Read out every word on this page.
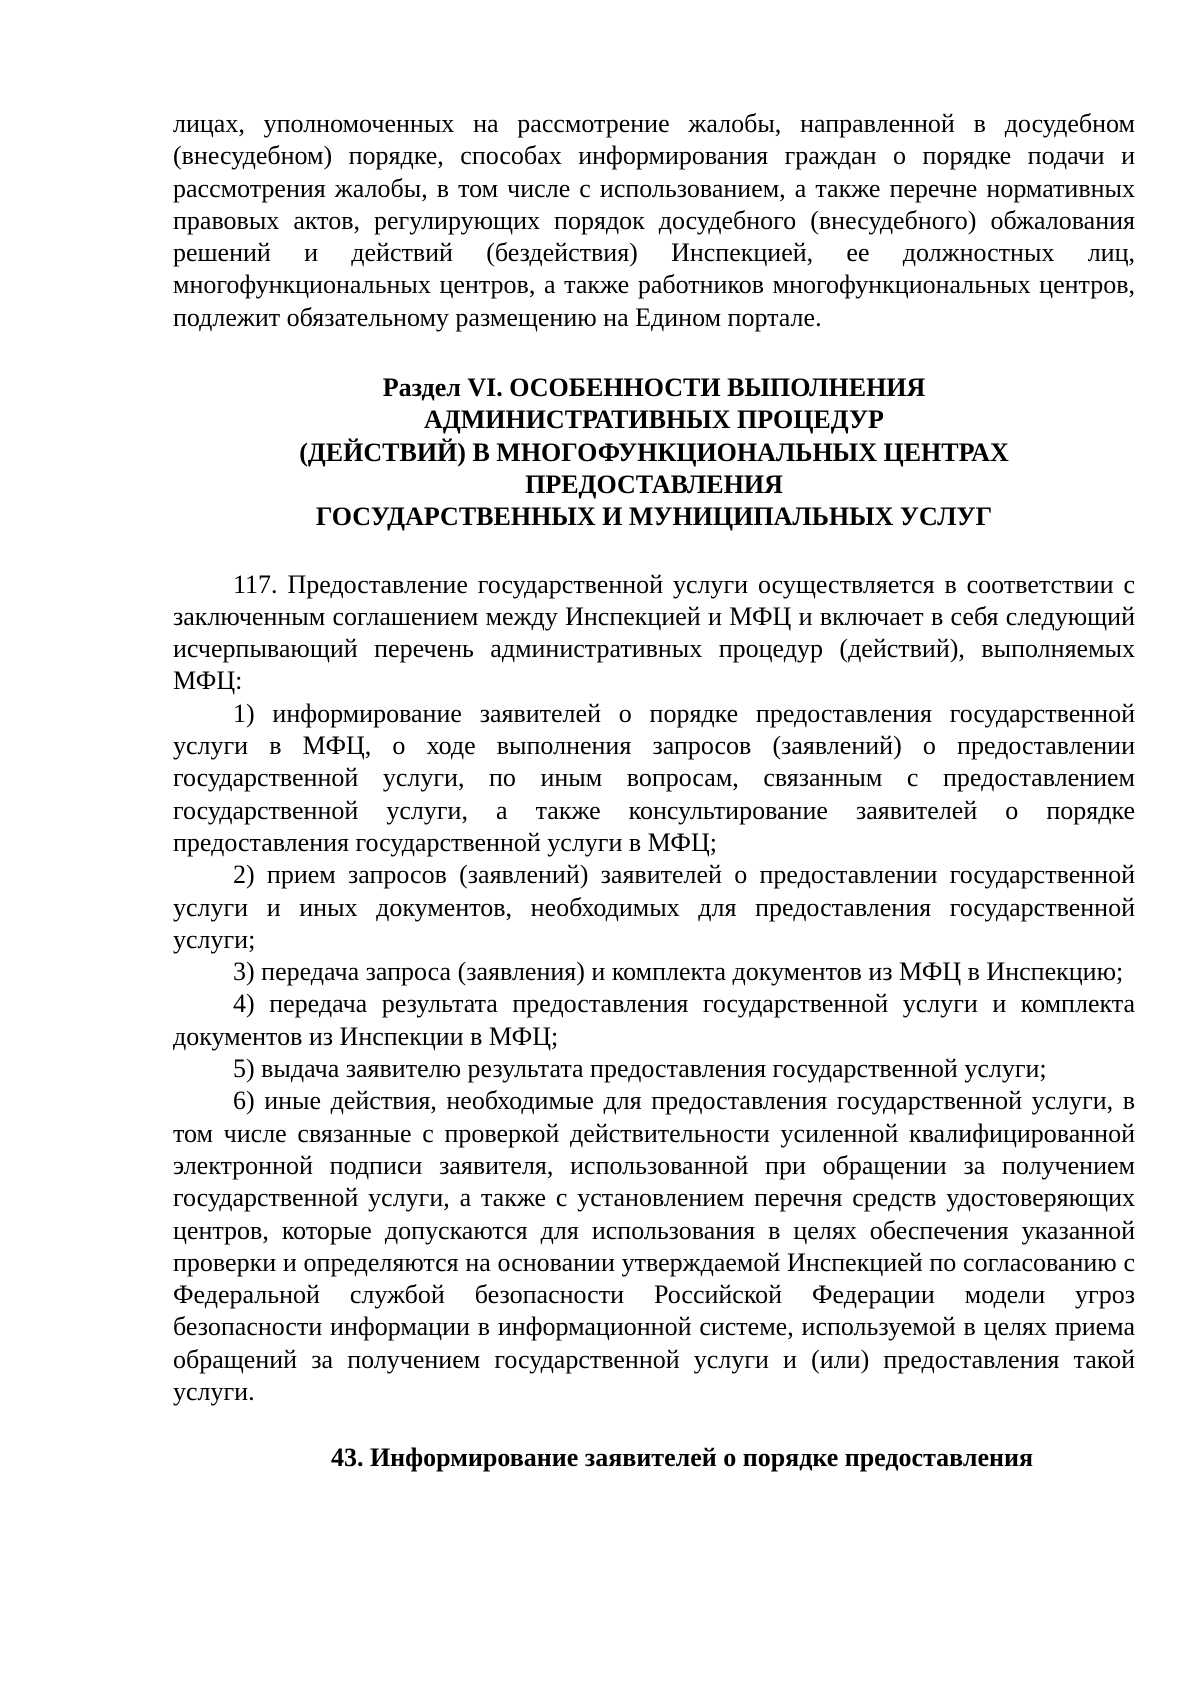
лицах, уполномоченных на рассмотрение жалобы, направленной в досудебном (внесудебном) порядке, способах информирования граждан о порядке подачи и рассмотрения жалобы, в том числе с использованием, а также перечне нормативных правовых актов, регулирующих порядок досудебного (внесудебного) обжалования решений и действий (бездействия) Инспекцией, ее должностных лиц, многофункциональных центров, а также работников многофункциональных центров, подлежит обязательному размещению на Едином портале.

Раздел VI. ОСОБЕННОСТИ ВЫПОЛНЕНИЯ
АДМИНИСТРАТИВНЫХ ПРОЦЕДУР
(ДЕЙСТВИЙ) В МНОГОФУНКЦИОНАЛЬНЫХ ЦЕНТРАХ
ПРЕДОСТАВЛЕНИЯ
ГОСУДАРСТВЕННЫХ И МУНИЦИПАЛЬНЫХ УСЛУГ

117. Предоставление государственной услуги осуществляется в соответствии с заключенным соглашением между Инспекцией и МФЦ и включает в себя следующий исчерпывающий перечень административных процедур (действий), выполняемых МФЦ:

1) информирование заявителей о порядке предоставления государственной услуги в МФЦ, о ходе выполнения запросов (заявлений) о предоставлении государственной услуги, по иным вопросам, связанным с предоставлением государственной услуги, а также консультирование заявителей о порядке предоставления государственной услуги в МФЦ;

2) прием запросов (заявлений) заявителей о предоставлении государственной услуги и иных документов, необходимых для предоставления государственной услуги;

3) передача запроса (заявления) и комплекта документов из МФЦ в Инспекцию;

4) передача результата предоставления государственной услуги и комплекта документов из Инспекции в МФЦ;

5) выдача заявителю результата предоставления государственной услуги;

6) иные действия, необходимые для предоставления государственной услуги, в том числе связанные с проверкой действительности усиленной квалифицированной электронной подписи заявителя, использованной при обращении за получением государственной услуги, а также с установлением перечня средств удостоверяющих центров, которые допускаются для использования в целях обеспечения указанной проверки и определяются на основании утверждаемой Инспекцией по согласованию с Федеральной службой безопасности Российской Федерации модели угроз безопасности информации в информационной системе, используемой в целях приема обращений за получением государственной услуги и (или) предоставления такой услуги.

43. Информирование заявителей о порядке предоставления
